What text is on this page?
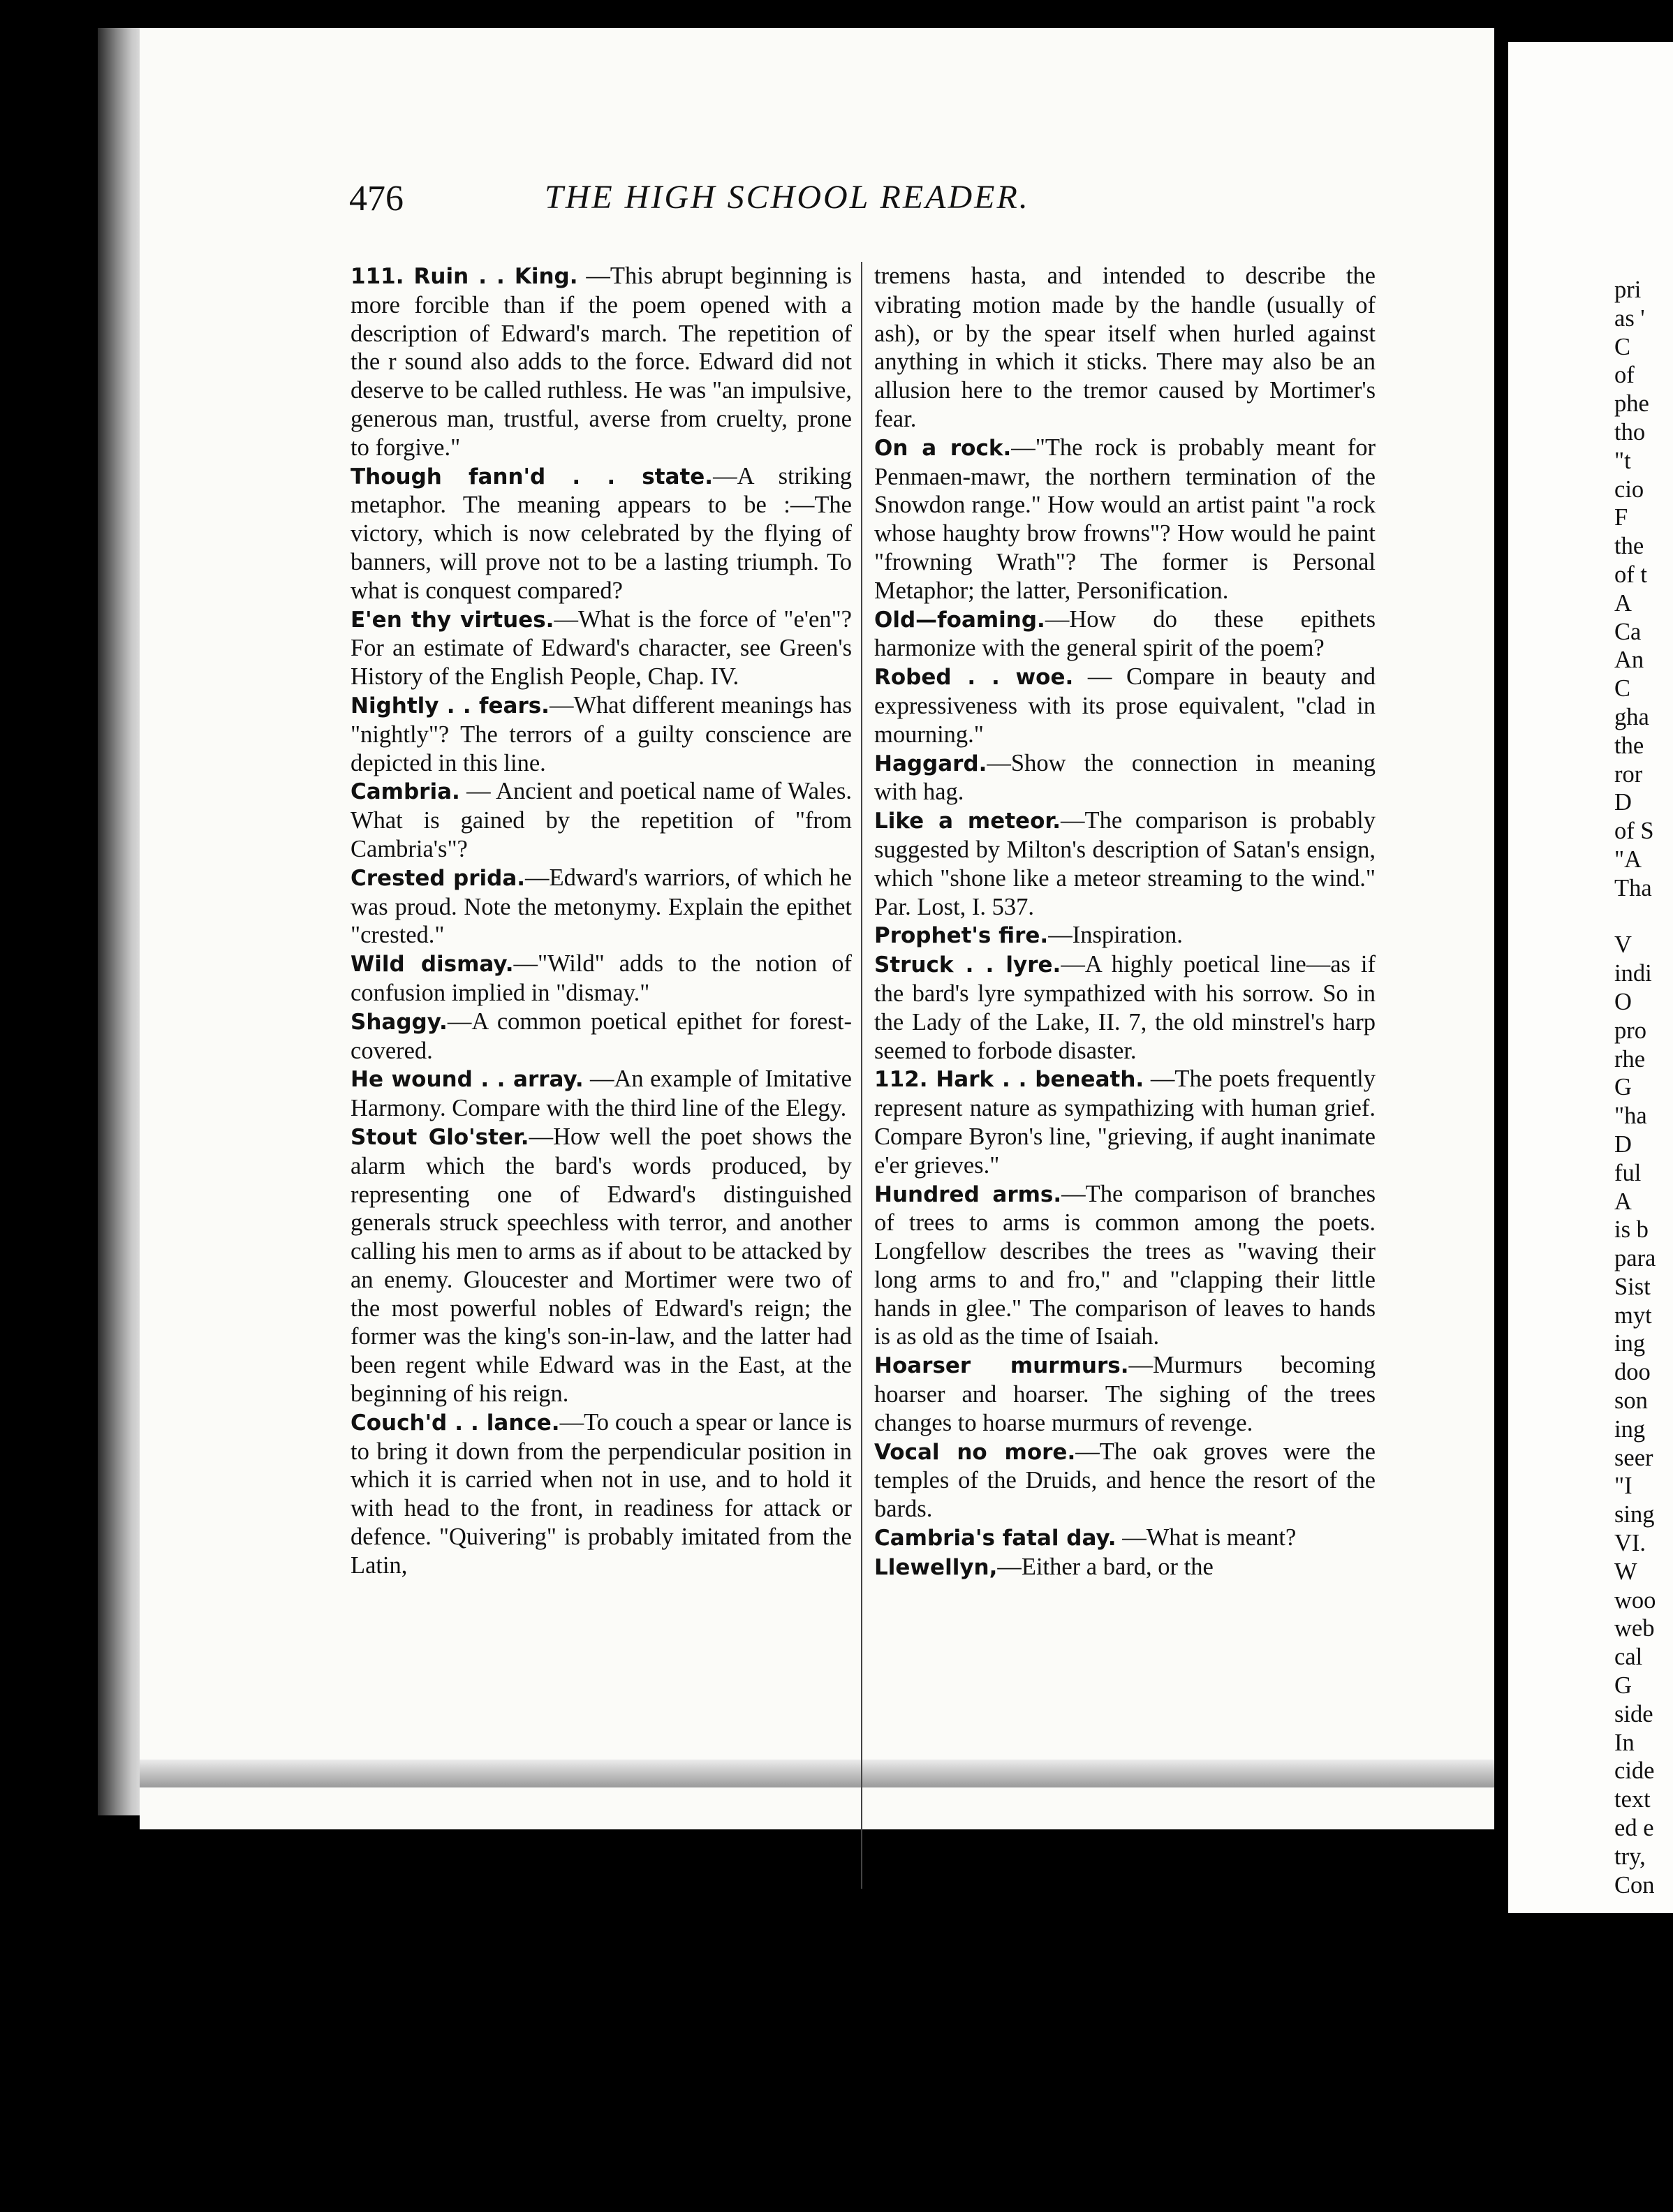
476	THE HIGH SCHOOL READER.

111. Ruin . . King. —This abrupt beginning is more forcible than if the poem opened with a description of Edward's march. The repetition of the r sound also adds to the force. Edward did not deserve to be called ruthless. He was "an impulsive, generous man, trustful, averse from cruelty, prone to forgive."

Though fann'd . . state.—A striking metaphor. The meaning appears to be :—The victory, which is now celebrated by the flying of banners, will prove not to be a lasting triumph. To what is conquest compared?

E'en thy virtues.—What is the force of "e'en"? For an estimate of Edward's character, see Green's History of the English People, Chap. IV.

Nightly . . fears.—What different meanings has "nightly"? The terrors of a guilty conscience are depicted in this line.

Cambria. — Ancient and poetical name of Wales. What is gained by the repetition of "from Cambria's"?

Crested prida.—Edward's warriors, of which he was proud. Note the metonymy. Explain the epithet "crested."

Wild dismay.—"Wild" adds to the notion of confusion implied in "dismay."

Shaggy.—A common poetical epithet for forest-covered.

He wound . . array. —An example of Imitative Harmony. Compare with the third line of the Elegy.

Stout Glo'ster.—How well the poet shows the alarm which the bard's words produced, by representing one of Edward's distinguished generals struck speechless with terror, and another calling his men to arms as if about to be attacked by an enemy. Gloucester and Mortimer were two of the most powerful nobles of Edward's reign; the former was the king's son-in-law, and the latter had been regent while Edward was in the East, at the beginning of his reign.

Couch'd . . lance.—To couch a spear or lance is to bring it down from the perpendicular position in which it is carried when not in use, and to hold it with head to the front, in readiness for attack or defence. "Quivering" is probably imitated from the Latin,

tremens hasta, and intended to describe the vibrating motion made by the handle (usually of ash), or by the spear itself when hurled against anything in which it sticks. There may also be an allusion here to the tremor caused by Mortimer's fear.

On a rock.—"The rock is probably meant for Penmaen-mawr, the northern termination of the Snowdon range." How would an artist paint "a rock whose haughty brow frowns"? How would he paint "frowning Wrath"? The former is Personal Metaphor; the latter, Personification.

Old—foaming.—How do these epithets harmonize with the general spirit of the poem?

Robed . . woe. — Compare in beauty and expressiveness with its prose equivalent, "clad in mourning."

Haggard.—Show the connection in meaning with hag.

Like a meteor.—The comparison is probably suggested by Milton's description of Satan's ensign, which "shone like a meteor streaming to the wind." Par. Lost, I. 537.

Prophet's fire.—Inspiration.

Struck . . lyre.—A highly poetical line—as if the bard's lyre sympathized with his sorrow. So in the Lady of the Lake, II. 7, the old minstrel's harp seemed to forbode disaster.

112. Hark . . beneath. —The poets frequently represent nature as sympathizing with human grief. Compare Byron's line, "grieving, if aught inanimate e'er grieves."

Hundred arms.—The comparison of branches of trees to arms is common among the poets. Longfellow describes the trees as "waving their long arms to and fro," and "clapping their little hands in glee." The comparison of leaves to hands is as old as the time of Isaiah.

Hoarser murmurs.—Murmurs becoming hoarser and hoarser. The sighing of the trees changes to hoarse murmurs of revenge.

Vocal no more.—The oak groves were the temples of the Druids, and hence the resort of the bards.

Cambria's fatal day. —What is meant?

Llewellyn,—Either a bard, or the

pri
as '
C
of
phe
tho
"t
cio
F
the
of t
A
Ca
An
C
gha
the
ror
D
of S
"A
Tha
V
indi
O
pro
rhe
G
"ha
D
ful
A
is b
para
Sist
myt
ing
doo
son
ing
seer
"I
sing
VI.
W
woo
web
cal
G
side
In
cide
text
ed e
try,
Con
